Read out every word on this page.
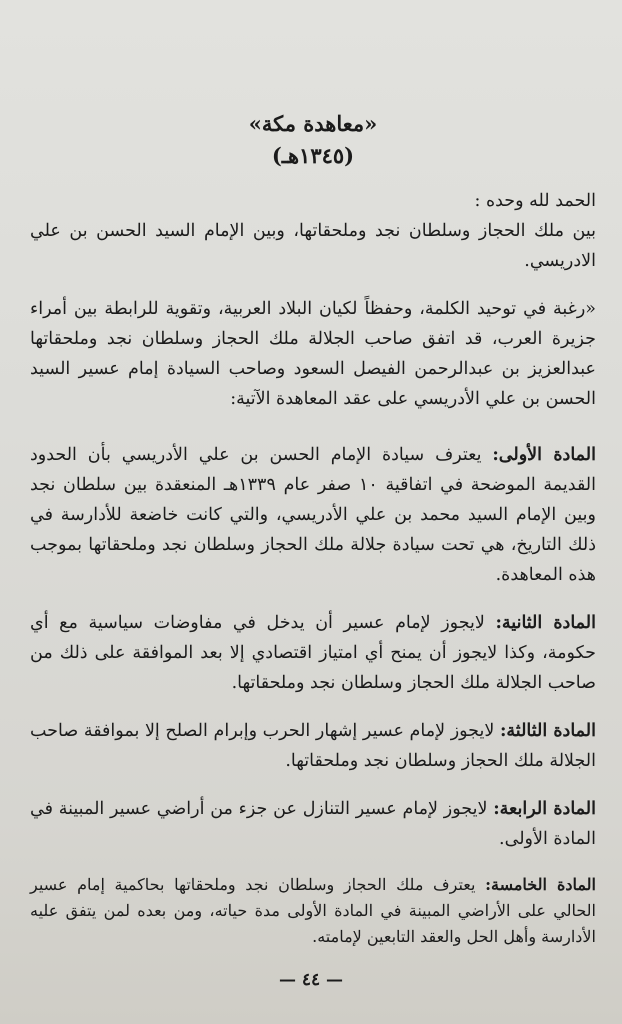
«معاهدة مكة»

(١٣٤٥هـ)

الحمد لله وحده :

بين ملك الحجاز وسلطان نجد وملحقاتها، وبين الإمام السيد الحسن بن علي الادريسي.

«رغبة في توحيد الكلمة، وحفظاً لكيان البلاد العربية، وتقوية للرابطة بين أمراء جزيرة العرب، قد اتفق صاحب الجلالة ملك الحجاز وسلطان نجد وملحقاتها عبدالعزيز بن عبدالرحمن الفيصل السعود وصاحب السيادة إمام عسير السيد الحسن بن علي الأدريسي على عقد المعاهدة الآتية:

المادة الأولى: يعترف سيادة الإمام الحسن بن علي الأدريسي بأن الحدود القديمة الموضحة في اتفاقية ١٠ صفر عام ١٣٣٩هـ المنعقدة بين سلطان نجد وبين الإمام السيد محمد بن علي الأدريسي، والتي كانت خاضعة للأدارسة في ذلك التاريخ، هي تحت سيادة جلالة ملك الحجاز وسلطان نجد وملحقاتها بموجب هذه المعاهدة.

المادة الثانية: لايجوز لإمام عسير أن يدخل في مفاوضات سياسية مع أي حكومة، وكذا لايجوز أن يمنح أي امتياز اقتصادي إلا بعد الموافقة على ذلك من صاحب الجلالة ملك الحجاز وسلطان نجد وملحقاتها.

المادة الثالثة: لايجوز لإمام عسير إشهار الحرب وإبرام الصلح إلا بموافقة صاحب الجلالة ملك الحجاز وسلطان نجد وملحقاتها.

المادة الرابعة: لايجوز لإمام عسير التنازل عن جزء من أراضي عسير المبينة في المادة الأولى.

المادة الخامسة: يعترف ملك الحجاز وسلطان نجد وملحقاتها بحاكمية إمام عسير الحالي على الأراضي المبينة في المادة الأولى مدة حياته، ومن بعده لمن يتفق عليه الأدارسة وأهل الحل والعقد التابعين لإمامته.

— ٤٤ —
